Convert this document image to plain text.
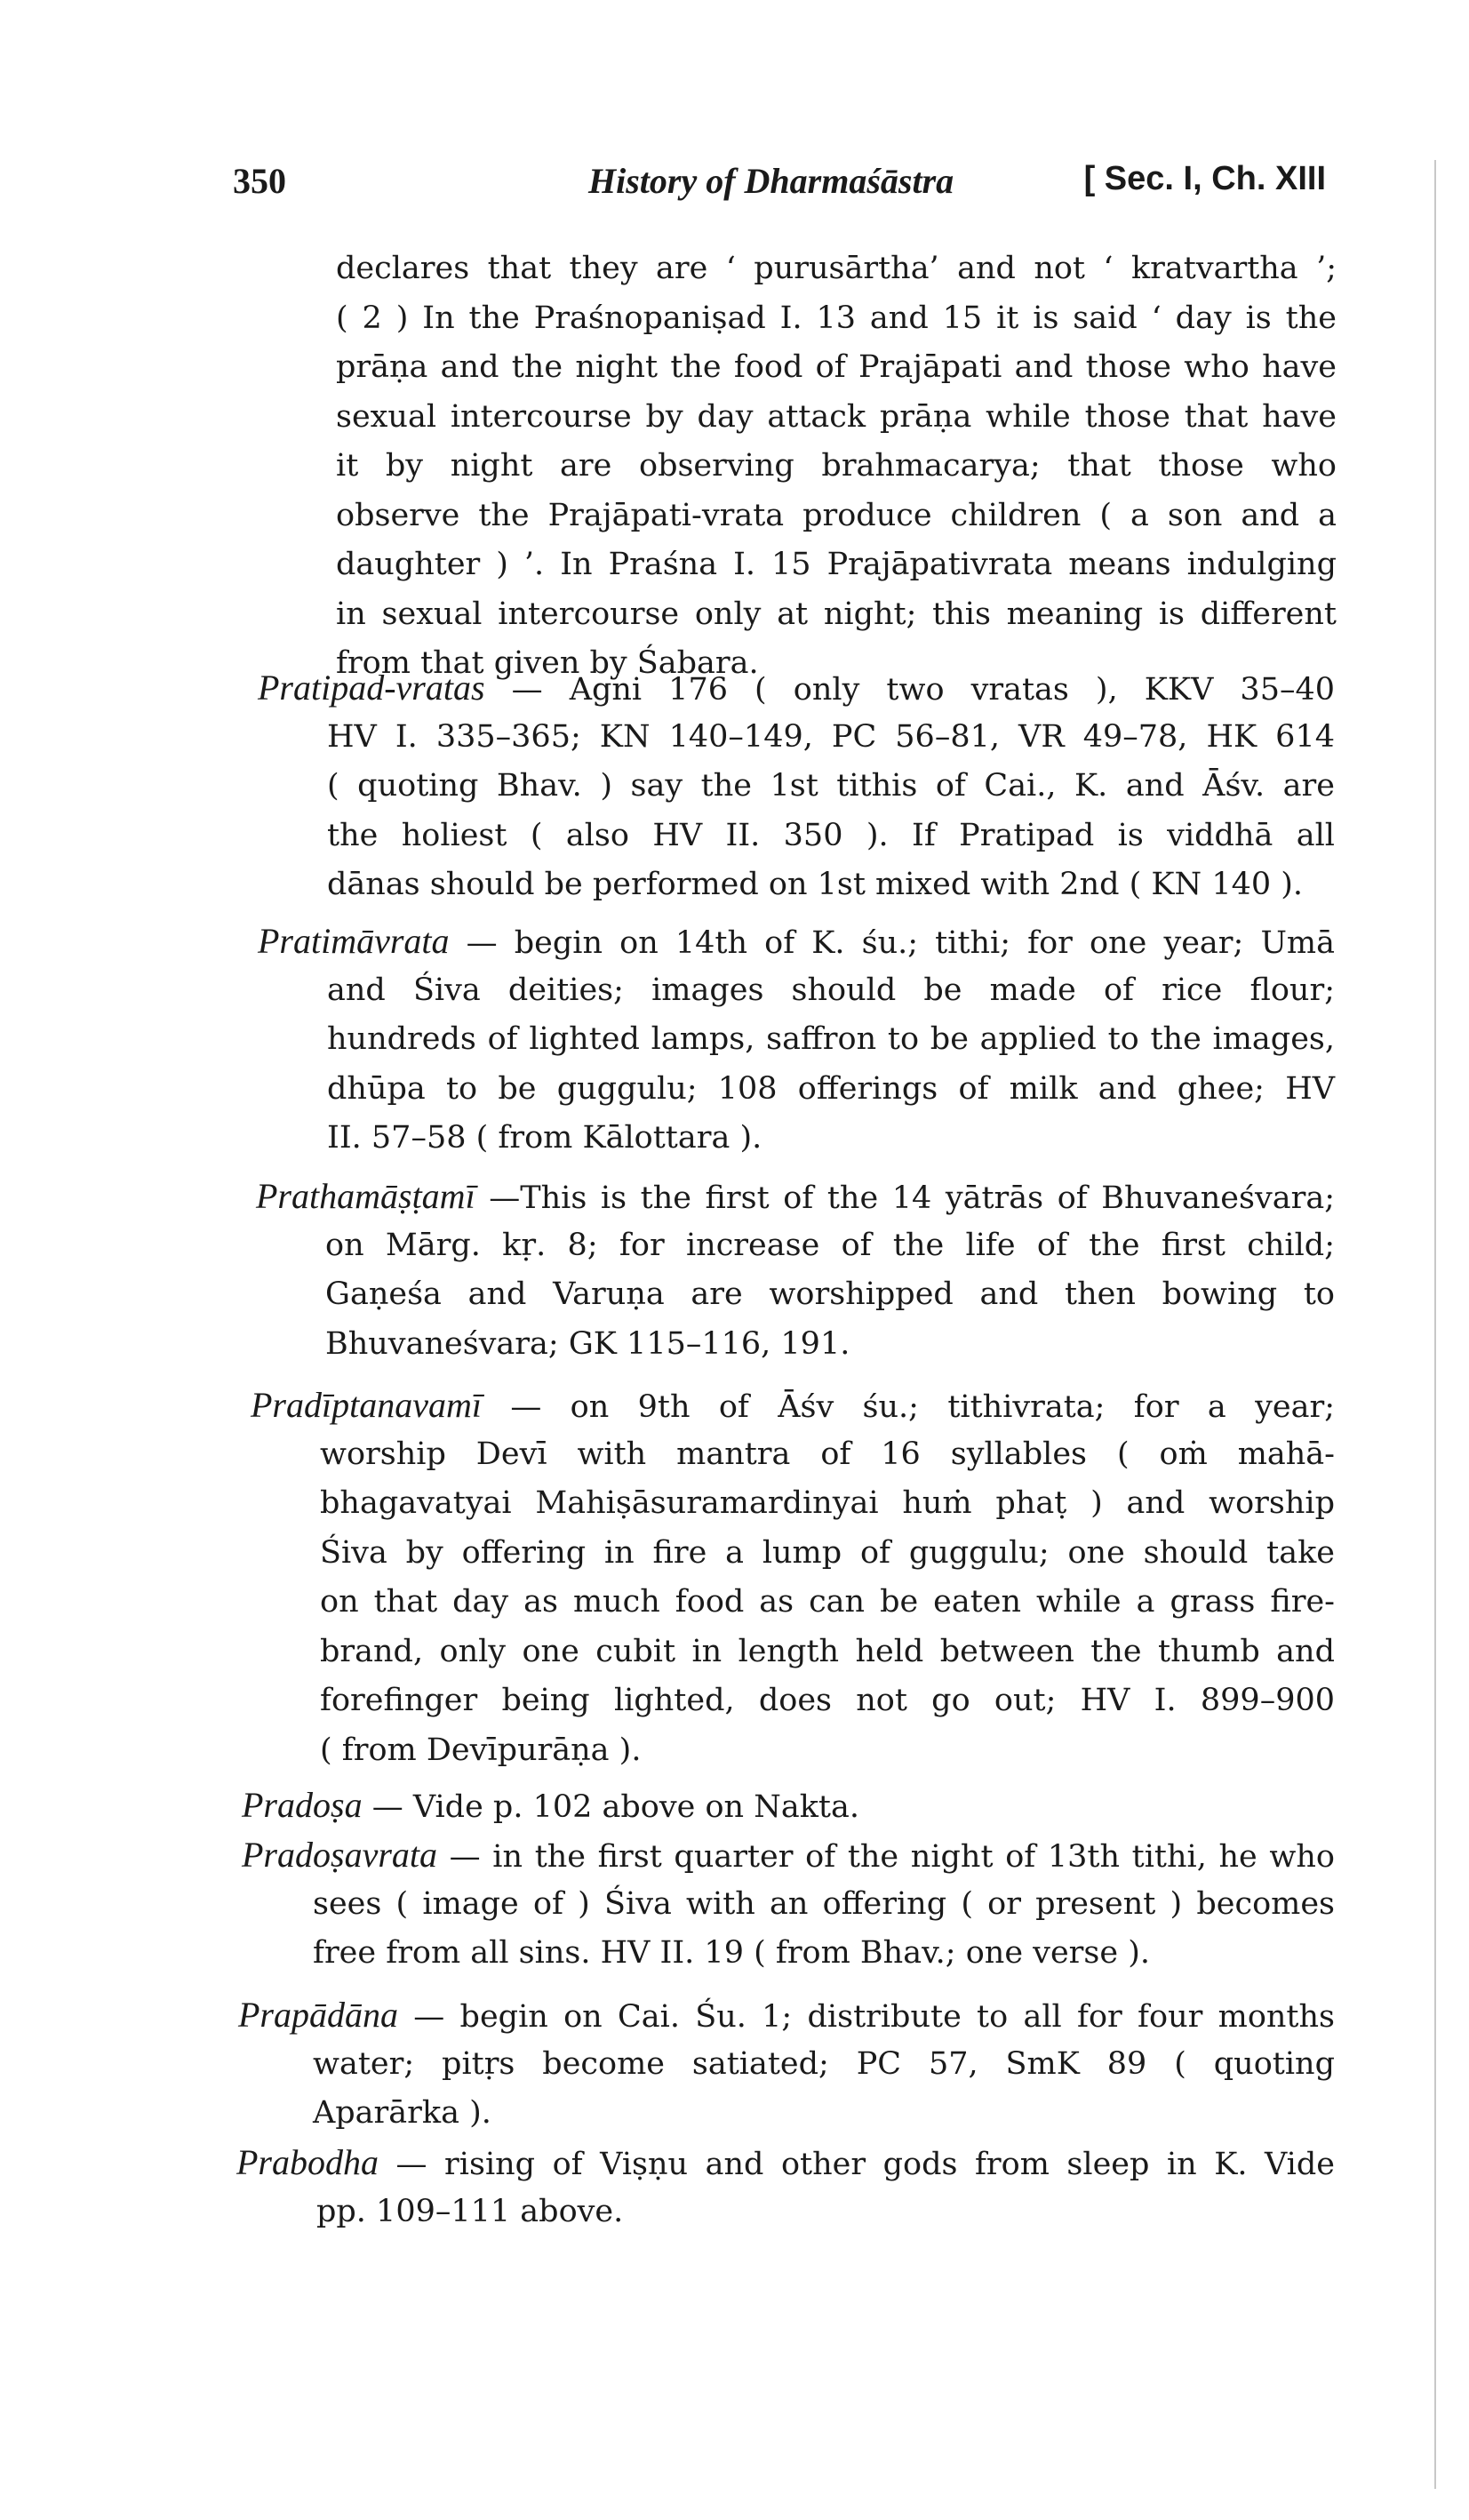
350	History of Dharmaśāstra	[ Sec. I, Ch. XIII
declares that they are ‘ purusārtha’ and not ‘ kratvartha ’;
( 2 ) In the Praśnopaniṣad I. 13 and 15 it is said ‘ day is the
prāṇa and the night the food of Prajāpati and those who have
sexual intercourse by day attack prāṇa while those that have
it by night are observing brahmacarya; that those who
observe the Prajāpati-vrata produce children ( a son and a
daughter ) ’. In Praśna I. 15 Prajāpativrata means indulging
in sexual intercourse only at night; this meaning is different
from that given by Śabara.
Pratipad-vratas — Agni 176 ( only two vratas ), KKV 35–40
HV I. 335–365; KN 140–149, PC 56–81, VR 49–78, HK 614
( quoting Bhav. ) say the 1st tithis of Cai., K. and Āśv. are
the holiest ( also HV II. 350 ). If Pratipad is viddhā all
dānas should be performed on 1st mixed with 2nd ( KN 140 ).
Pratimāvrata — begin on 14th of K. śu.; tithi; for one year; Umā
and Śiva deities; images should be made of rice flour;
hundreds of lighted lamps, saffron to be applied to the images,
dhūpa to be guggulu; 108 offerings of milk and ghee; HV
II. 57–58 ( from Kālottara ).
Prathamāṣṭamī —This is the first of the 14 yātrās of Bhuvaneśvara;
on Mārg. kṛ. 8; for increase of the life of the first child;
Gaṇeśa and Varuṇa are worshipped and then bowing to
Bhuvaneśvara; GK 115–116, 191.
Pradīptanavamī — on 9th of Āśv śu.; tithivrata; for a year;
worship Devī with mantra of 16 syllables ( oṁ mahā-
bhagavatyai Mahiṣāsuramardinyai huṁ phaṭ ) and worship
Śiva by offering in fire a lump of guggulu; one should take
on that day as much food as can be eaten while a grass fire-
brand, only one cubit in length held between the thumb and
forefinger being lighted, does not go out; HV I. 899–900
( from Devīpurāṇa ).
Pradoṣa — Vide p. 102 above on Nakta.
Pradoṣavrata — in the first quarter of the night of 13th tithi, he who
sees ( image of ) Śiva with an offering ( or present ) becomes
free from all sins. HV II. 19 ( from Bhav.; one verse ).
Prapādāna — begin on Cai. Śu. 1; distribute to all for four months
water; pitṛs become satiated; PC 57, SmK 89 ( quoting
Aparārka ).
Prabodha — rising of Viṣṇu and other gods from sleep in K. Vide
pp. 109–111 above.
